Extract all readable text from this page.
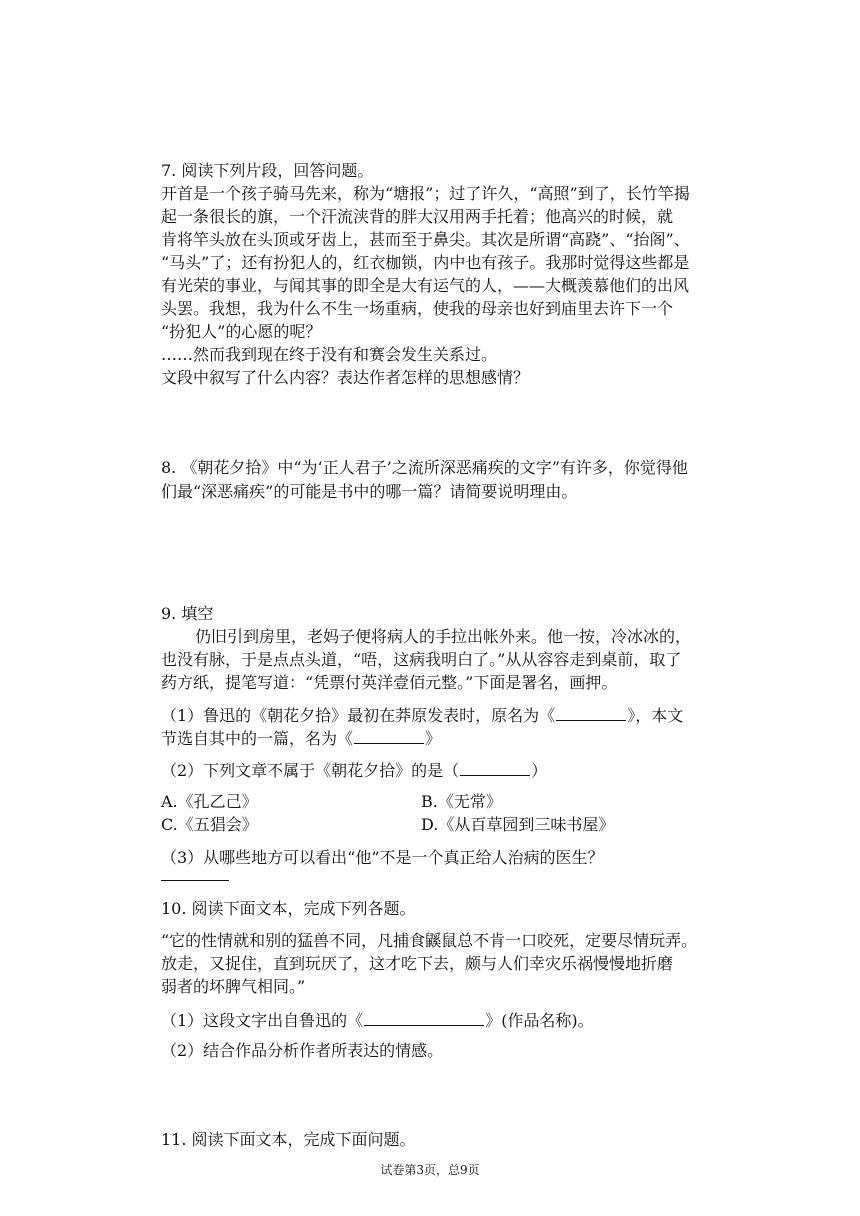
7. 阅读下列片段，回答问题。
开首是一个孩子骑马先来，称为“塘报”；过了许久，“高照”到了，长竹竿揭
起一条很长的旗，一个汗流浃背的胖大汉用两手托着；他高兴的时候，就
肯将竿头放在头顶或牙齿上，甚而至于鼻尖。其次是所谓“高跷”、“抬阁”、
“马头”了；还有扮犯人的，红衣枷锁，内中也有孩子。我那时觉得这些都是
有光荣的事业，与闻其事的即全是大有运气的人，——大概羡慕他们的出风
头罢。我想，我为什么不生一场重病，使我的母亲也好到庙里去许下一个
“扮犯人”的心愿的呢？
……然而我到现在终于没有和赛会发生关系过。
文段中叙写了什么内容？表达作者怎样的思想感情？
8. 《朝花夕拾》中“为‘正人君子’之流所深恶痛疾的文字”有许多，你觉得他
们最“深恶痛疾”的可能是书中的哪一篇？请简要说明理由。
9. 填空
仍旧引到房里，老妈子便将病人的手拉出帐外来。他一按，冷冰冰的，
也没有脉，于是点点头道，“唔，这病我明白了。”从从容容走到桌前，取了
药方纸，提笔写道：“凭票付英洋壹佰元整。”下面是署名，画押。
（1）鲁迅的《朝花夕拾》最初在莽原发表时，原名为《	》，本文
节选自其中的一篇，名为《	》
（2）下列文章不属于《朝花夕拾》的是（	）
A.《孔乙己》	B.《无常》
C.《五猖会》	D.《从百草园到三味书屋》
（3）从哪些地方可以看出“他”不是一个真正给人治病的医生？
10. 阅读下面文本，完成下列各题。
“它的性情就和别的猛兽不同，凡捕食鼷鼠总不肯一口咬死，定要尽情玩弄。
放走，又捉住，直到玩厌了，这才吃下去，颇与人们幸灾乐祸慢慢地折磨
弱者的坏脾气相同。”
（1）这段文字出自鲁迅的《	》(作品名称)。
（2）结合作品分析作者所表达的情感。
11. 阅读下面文本，完成下面问题。
试卷第3页，总9页
